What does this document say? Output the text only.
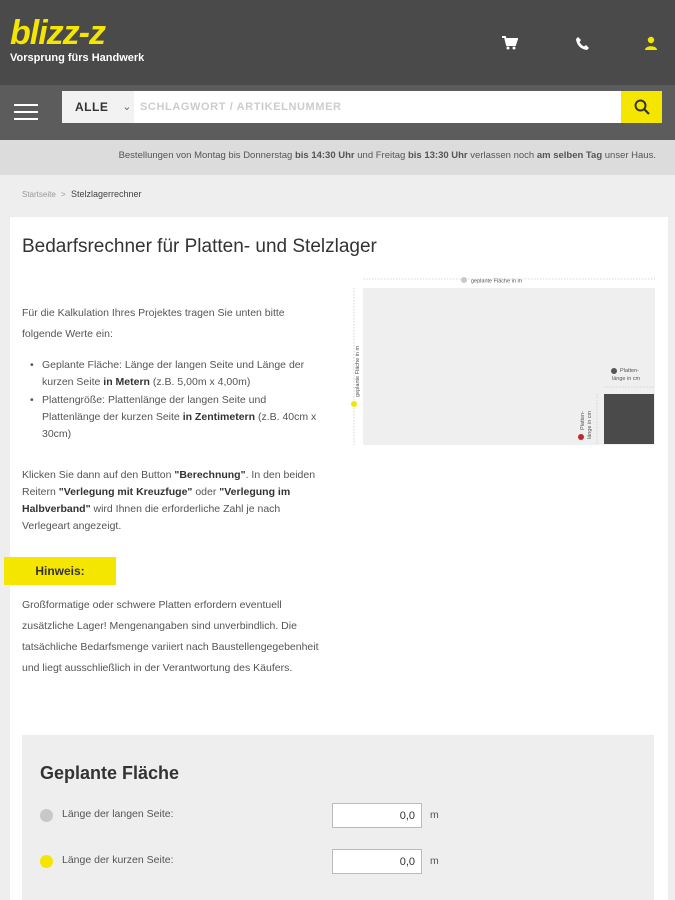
blizz-z
Vorsprung fürs Handwerk
ALLE ⌄
SCHLAGWORT / ARTIKELNUMMER
Bestellungen von Montag bis Donnerstag bis 14:30 Uhr und Freitag bis 13:30 Uhr verlassen noch am selben Tag unser Haus.
Startseite > Stelzlagerrechner
Bedarfsrechner für Platten- und Stelzlager

Für die Kalkulation Ihres Projektes tragen Sie unten bitte folgende Werte ein:

• Geplante Fläche: Länge der langen Seite und Länge der kurzen Seite in Metern (z.B. 5,00m x 4,00m)
• Plattengröße: Plattenlänge der langen Seite und Plattenlänge der kurzen Seite in Zentimetern (z.B. 40cm x 30cm)

Klicken Sie dann auf den Button "Berechnung". In den beiden Reitern "Verlegung mit Kreuzfuge" oder "Verlegung im Halbverband" wird Ihnen die erforderliche Zahl je nach Verlegeart angezeigt.

Hinweis:

Großformatige oder schwere Platten erfordern eventuell zusätzliche Lager! Mengenangaben sind unverbindlich. Die tatsächliche Bedarfsmenge variiert nach Baustellengegebenheit und liegt ausschließlich in der Verantwortung des Käufers.

geplante Fläche in m
geplante Fläche in m	Platten-
länge in cm
Platten- länge in cm
Geplante Fläche
Länge der langen Seite:
0,0	m
Länge der kurzen Seite:
0,0	m
